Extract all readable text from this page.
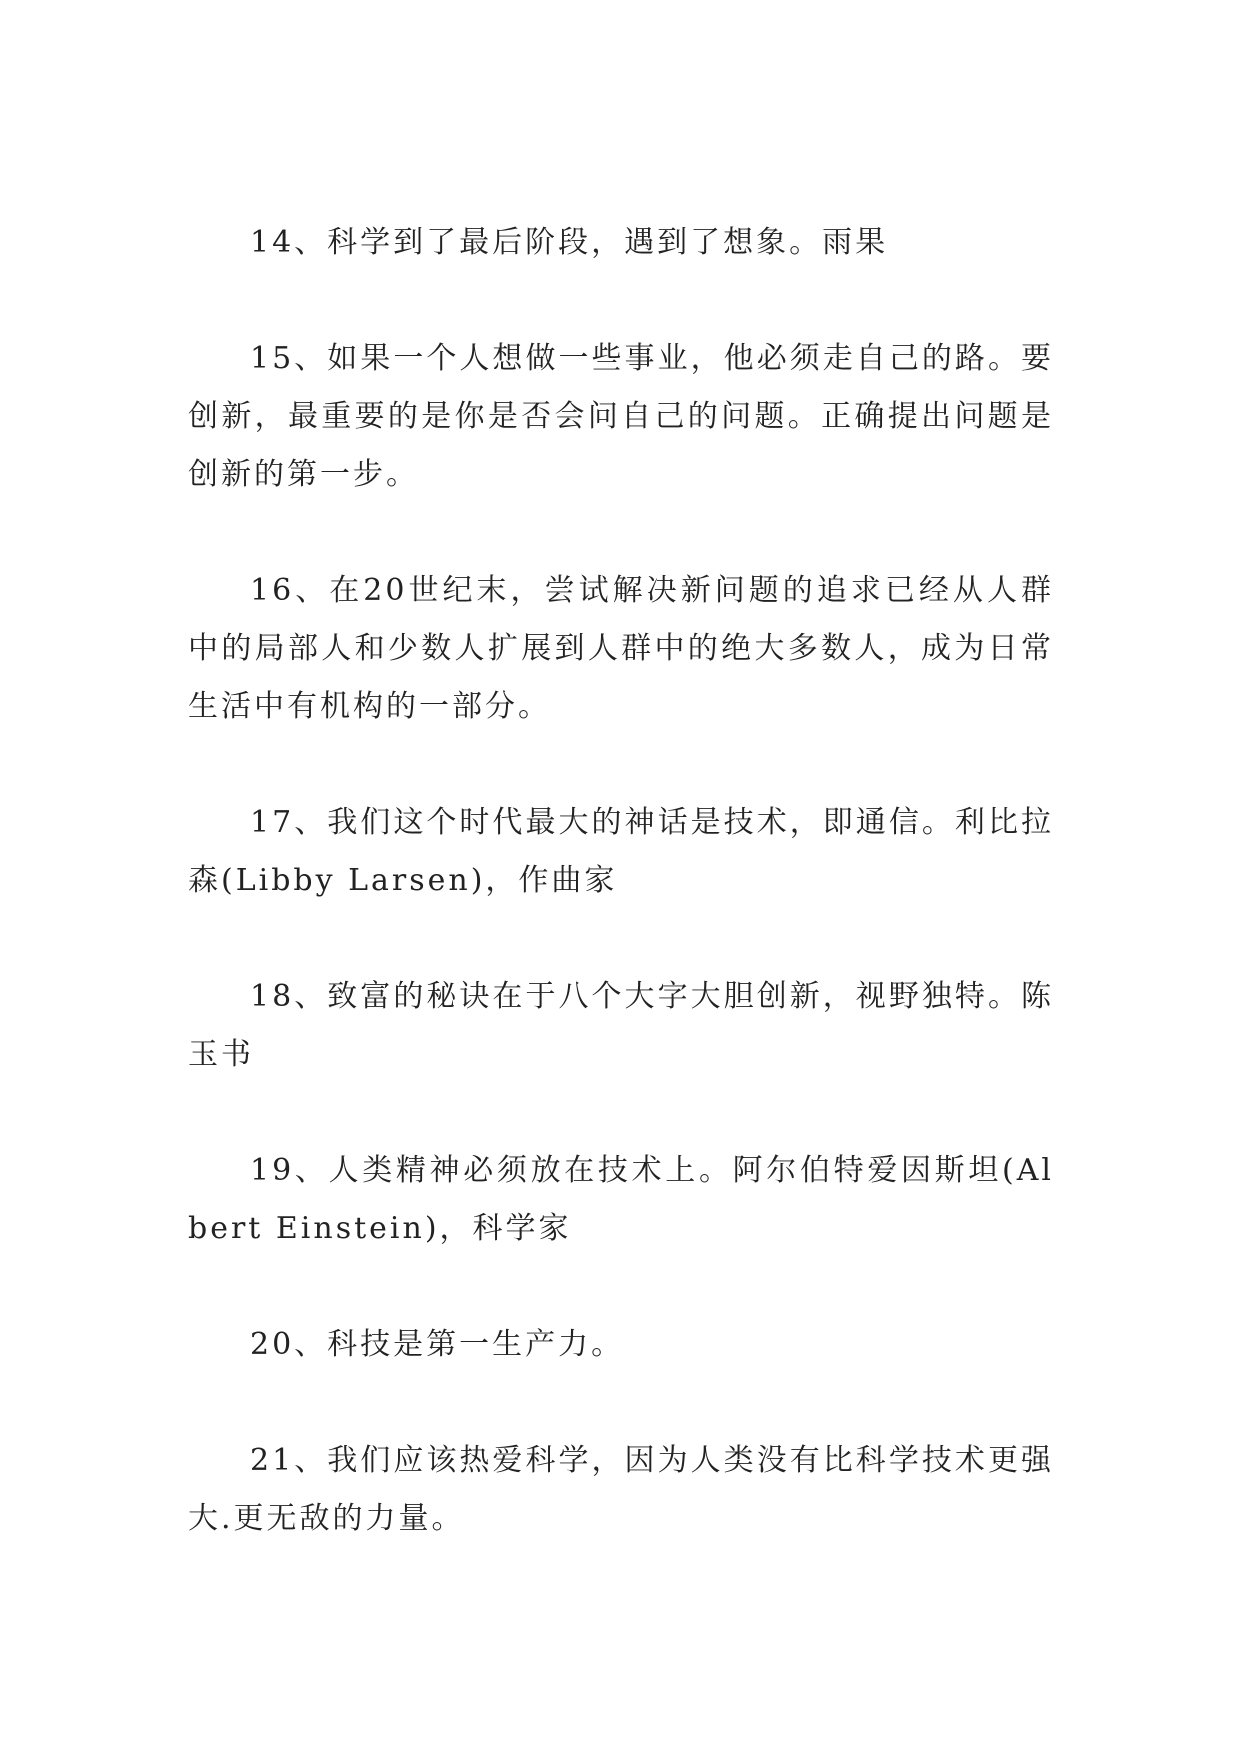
14、科学到了最后阶段，遇到了想象。雨果

15、如果一个人想做一些事业，他必须走自己的路。要创新，最重要的是你是否会问自己的问题。正确提出问题是创新的第一步。

16、在20世纪末，尝试解决新问题的追求已经从人群中的局部人和少数人扩展到人群中的绝大多数人，成为日常生活中有机构的一部分。

17、我们这个时代最大的神话是技术，即通信。利比拉森(Libby Larsen)，作曲家

18、致富的秘诀在于八个大字大胆创新，视野独特。陈玉书

19、人类精神必须放在技术上。阿尔伯特爱因斯坦(Albert Einstein)，科学家

20、科技是第一生产力。

21、我们应该热爱科学，因为人类没有比科学技术更强大.更无敌的力量。
